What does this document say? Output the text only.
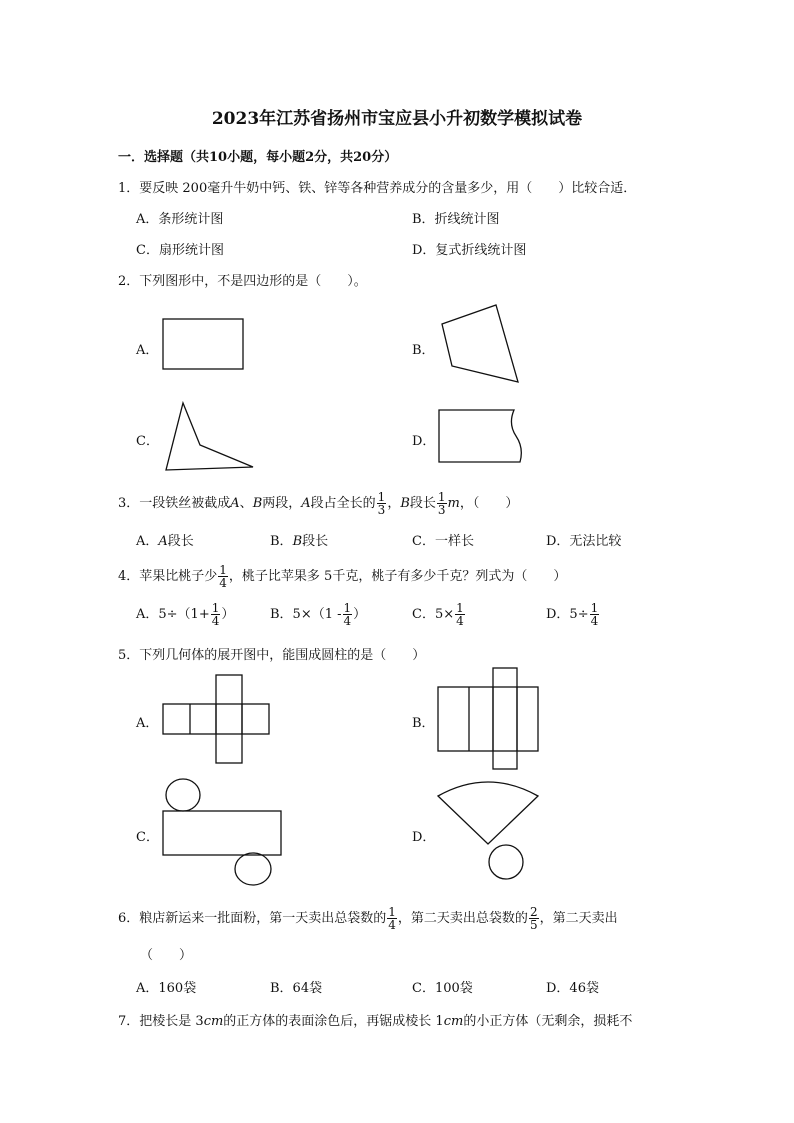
2023年江苏省扬州市宝应县小升初数学模拟试卷
一．选择题（共10小题，每小题2分，共20分）
1．要反映 200毫升牛奶中钙、铁、锌等各种营养成分的含量多少，用（　　）比较合适．
A．条形统计图	B．折线统计图
C．扇形统计图	D．复式折线统计图
2．下列图形中，不是四边形的是（　　）。
A．	B．
C．	D．
3．一段铁丝被截成A、B两段，A段占全长的 $\frac{1}{3}$ ，B段长 $\frac{1}{3}$ m，（　　）
A．A段长	B．B段长	C．一样长	D．无法比较
4．苹果比桃子少 $\frac{1}{4}$ ，桃子比苹果多 5千克，桃子有多少千克？列式为（　　）
A．$5\div(1+ \frac{1}{4}$ ）	B．$5\times(1 - \frac{1}{4}$ ）	C．$5\times \frac{1}{4}$	D．$5\div \frac{1}{4}$
5．下列几何体的展开图中，能围成圆柱的是（　　）
A．	B．
C．	D．
6．粮店新运来一批面粉，第一天卖出总袋数的 $\frac{1}{4}$ ，第二天卖出总袋数的 $\frac{2}{5}$ ，第二天卖出
（　　）
A．160袋	B．64袋	C．100袋	D．46袋
7．把棱长是 3cm的正方体的表面涂色后，再锯成棱长 1cm的小正方体（无剩余，损耗不
